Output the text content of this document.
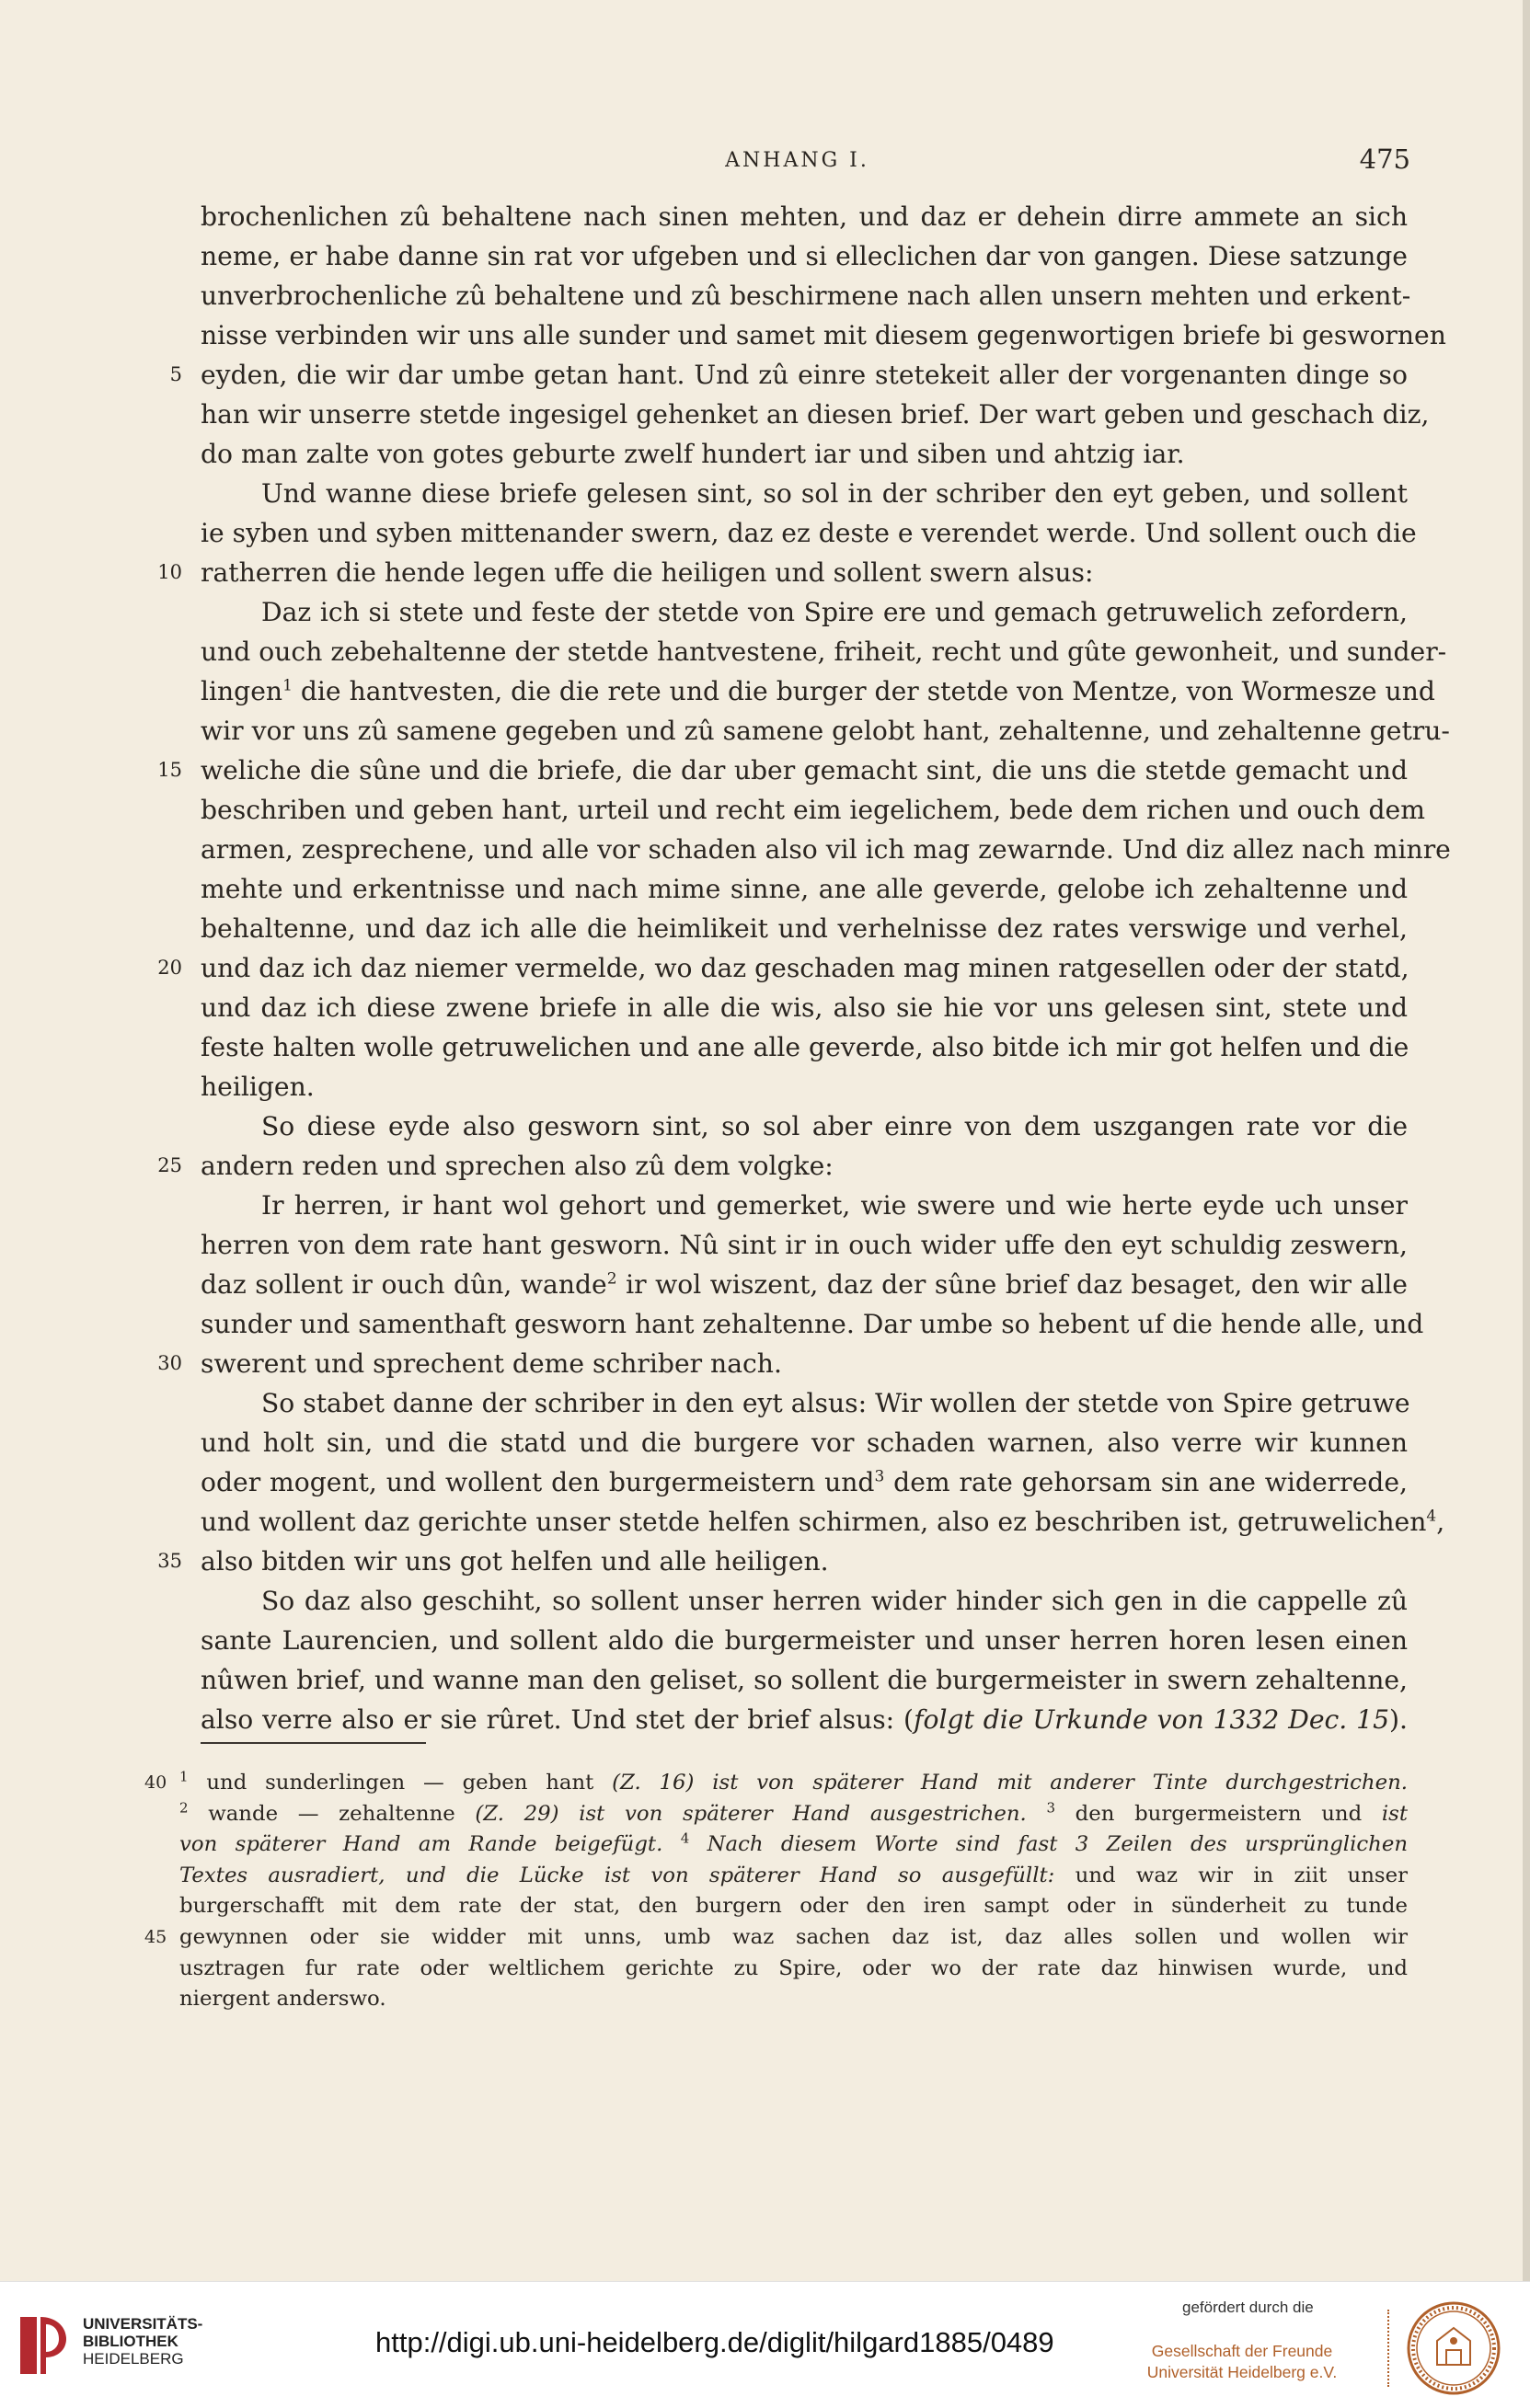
ANHANG I.	475
brochenlichen zû behaltene nach sinen mehten, und daz er dehein dirre ammete an sich
neme, er habe danne sin rat vor ufgeben und si elleclichen dar von gangen. Diese satzunge
unverbrochenliche zû behaltene und zû beschirmene nach allen unsern mehten und erkent-
nisse verbinden wir uns alle sunder und samet mit diesem gegenwortigen briefe bi geswornen
eyden, die wir dar umbe getan hant. Und zû einre stetekeit aller der vorgenanten dinge so
5
han wir unserre stetde ingesigel gehenket an diesen brief. Der wart geben und geschach diz,
do man zalte von gotes geburte zwelf hundert iar und siben und ahtzig iar.
Und wanne diese briefe gelesen sint, so sol in der schriber den eyt geben, und sollent
ie syben und syben mittenander swern, daz ez deste e verendet werde. Und sollent ouch die
ratherren die hende legen uffe die heiligen und sollent swern alsus:
10
Daz ich si stete und feste der stetde von Spire ere und gemach getruwelich zefordern,
und ouch zebehaltenne der stetde hantvestene, friheit, recht und gûte gewonheit, und sunder-
lingen$^1$ die hantvesten, die die rete und die burger der stetde von Mentze, von Wormesze und
wir vor uns zû samene gegeben und zû samene gelobt hant, zehaltenne, und zehaltenne getru-
weliche die sûne und die briefe, die dar uber gemacht sint, die uns die stetde gemacht und
15
beschriben und geben hant, urteil und recht eim iegelichem, bede dem richen und ouch dem
armen, zesprechene, und alle vor schaden also vil ich mag zewarnde. Und diz allez nach minre
mehte und erkentnisse und nach mime sinne, ane alle geverde, gelobe ich zehaltenne und
behaltenne, und daz ich alle die heimlikeit und verhelnisse dez rates verswige und verhel,
und daz ich daz niemer vermelde, wo daz geschaden mag minen ratgesellen oder der statd,
20
und daz ich diese zwene briefe in alle die wis, also sie hie vor uns gelesen sint, stete und
feste halten wolle getruwelichen und ane alle geverde, also bitde ich mir got helfen und die
heiligen.
So diese eyde also gesworn sint, so sol aber einre von dem uszgangen rate vor die
andern reden und sprechen also zû dem volgke:
25
Ir herren, ir hant wol gehort und gemerket, wie swere und wie herte eyde uch unser
herren von dem rate hant gesworn. Nû sint ir in ouch wider uffe den eyt schuldig zeswern,
daz sollent ir ouch dûn, wande$^2$ ir wol wiszent, daz der sûne brief daz besaget, den wir alle
sunder und samenthaft gesworn hant zehaltenne. Dar umbe so hebent uf die hende alle, und
swerent und sprechent deme schriber nach.
30
So stabet danne der schriber in den eyt alsus: Wir wollen der stetde von Spire getruwe
und holt sin, und die statd und die burgere vor schaden warnen, also verre wir kunnen
oder mogent, und wollent den burgermeistern und$^3$ dem rate gehorsam sin ane widerrede,
und wollent daz gerichte unser stetde helfen schirmen, also ez beschriben ist, getruwelichen$^4$,
also bitden wir uns got helfen und alle heiligen.
35
So daz also geschiht, so sollent unser herren wider hinder sich gen in die cappelle zû
sante Laurencien, und sollent aldo die burgermeister und unser herren horen lesen einen
nûwen brief, und wanne man den geliset, so sollent die burgermeister in swern zehaltenne,
also verre also er sie rûret. Und stet der brief alsus: (folgt die Urkunde von 1332 Dec. 15).
$^1$ und sunderlingen — geben hant (Z. 16) ist von späterer Hand mit anderer Tinte durchgestrichen.
40
$^2$ wande — zehaltenne (Z. 29) ist von späterer Hand ausgestrichen. $^3$ den burgermeistern und ist
von späterer Hand am Rande beigefügt. $^4$ Nach diesem Worte sind fast 3 Zeilen des ursprünglichen
Textes ausradiert, und die Lücke ist von späterer Hand so ausgefüllt: und waz wir in ziit unser
burgerschafft mit dem rate der stat, den burgern oder den iren sampt oder in sünderheit zu tunde
gewynnen oder sie widder mit unns, umb waz sachen daz ist, daz alles sollen und wollen wir
45
usztragen fur rate oder weltlichem gerichte zu Spire, oder wo der rate daz hinwisen wurde, und
niergent anderswo.
UNIVERSITÄTS-
BIBLIOTHEK
HEIDELBERG
http://digi.ub.uni-heidelberg.de/diglit/hilgard1885/0489
gefördert durch die
Gesellschaft der Freunde
Universität Heidelberg e.V.
